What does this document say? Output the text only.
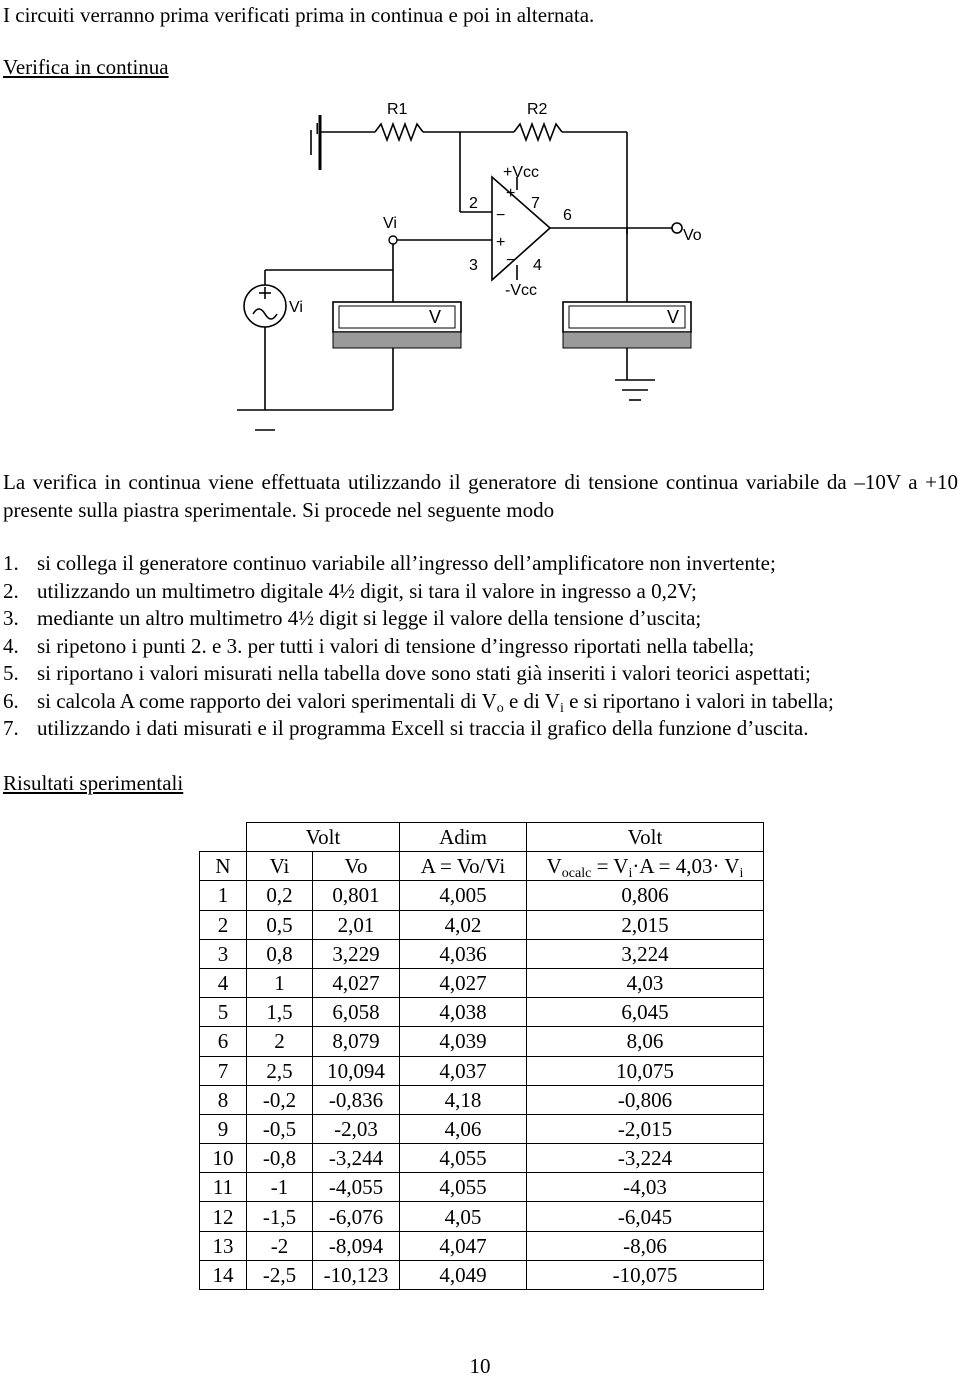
I circuiti verranno prima verificati prima in continua e poi in alternata.
Verifica in continua
I
R1	R2
+Vcc
-Vcc
2
3	4
6
7
+
−
+
−
Vi
Vi
Vo
V	V
La verifica in continua viene effettuata utilizzando il generatore di tensione continua variabile da –10V a +10 presente sulla piastra sperimentale. Si procede nel seguente modo
1. si collega il generatore continuo variabile all’ingresso dell’amplificatore non invertente;
2. utilizzando un multimetro digitale 4½ digit, si tara il valore in ingresso a 0,2V;
3. mediante un altro multimetro 4½ digit si legge il valore della tensione d’uscita;
4. si ripetono i punti 2. e 3. per tutti i valori di tensione d’ingresso riportati nella tabella;
5. si riportano i valori misurati nella tabella dove sono stati già inseriti i valori teorici aspettati;
6. si calcola A come rapporto dei valori sperimentali di $V_o$ e di $V_i$ e si riportano i valori in tabella;
7. utilizzando i dati misurati e il programma Excell si traccia il grafico della funzione d’uscita.
Risultati sperimentali
	Volt		Adim	Volt
N	Vi	Vo	A = Vo/Vi	$V_{ocalc} = V_i\cdot A = 4,03\cdot V_i$
1	0,2	0,801	4,005	0,806
2	0,5	2,01	4,02	2,015
3	0,8	3,229	4,036	3,224
4	1	4,027	4,027	4,03
5	1,5	6,058	4,038	6,045
6	2	8,079	4,039	8,06
7	2,5	10,094	4,037	10,075
8	-0,2	-0,836	4,18	-0,806
9	-0,5	-2,03	4,06	-2,015
10	-0,8	-3,244	4,055	-3,224
11	-1	-4,055	4,055	-4,03
12	-1,5	-6,076	4,05	-6,045
13	-2	-8,094	4,047	-8,06
14	-2,5	-10,123	4,049	-10,075
10
